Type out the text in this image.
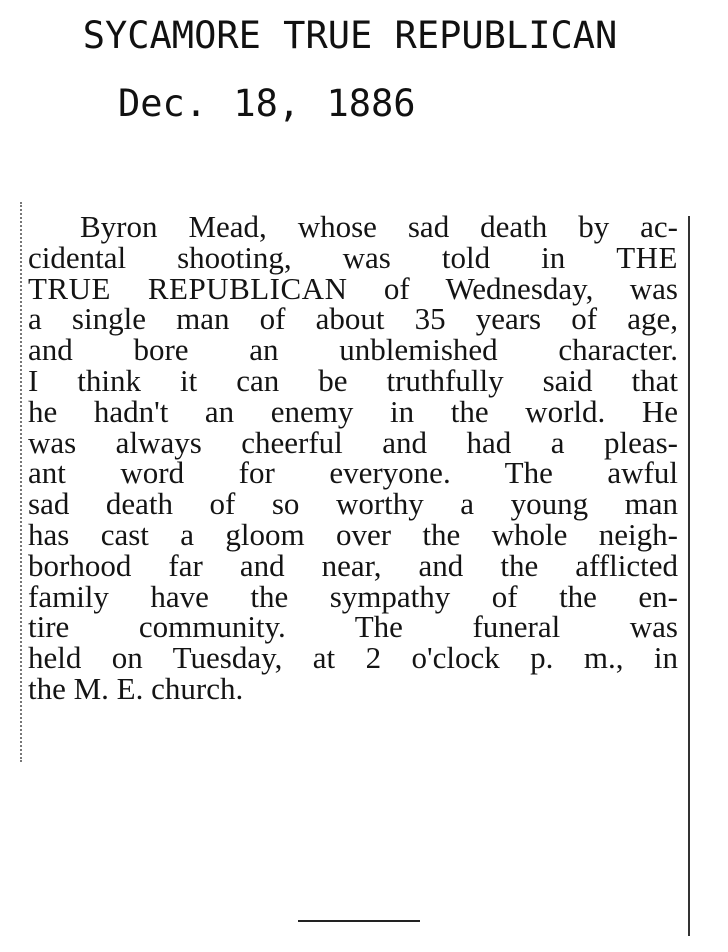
SYCAMORE TRUE REPUBLICAN
Dec. 18, 1886
Byron Mead, whose sad death by ac-
cidental shooting, was told in THE
TRUE REPUBLICAN of Wednesday, was
a single man of about 35 years of age,
and bore an unblemished character.
I think it can be truthfully said that
he hadn't an enemy in the world. He
was always cheerful and had a pleas-
ant word for everyone. The awful
sad death of so worthy a young man
has cast a gloom over the whole neigh-
borhood far and near, and the afflicted
family have the sympathy of the en-
tire community. The funeral was
held on Tuesday, at 2 o'clock p. m., in
the M. E. church.
